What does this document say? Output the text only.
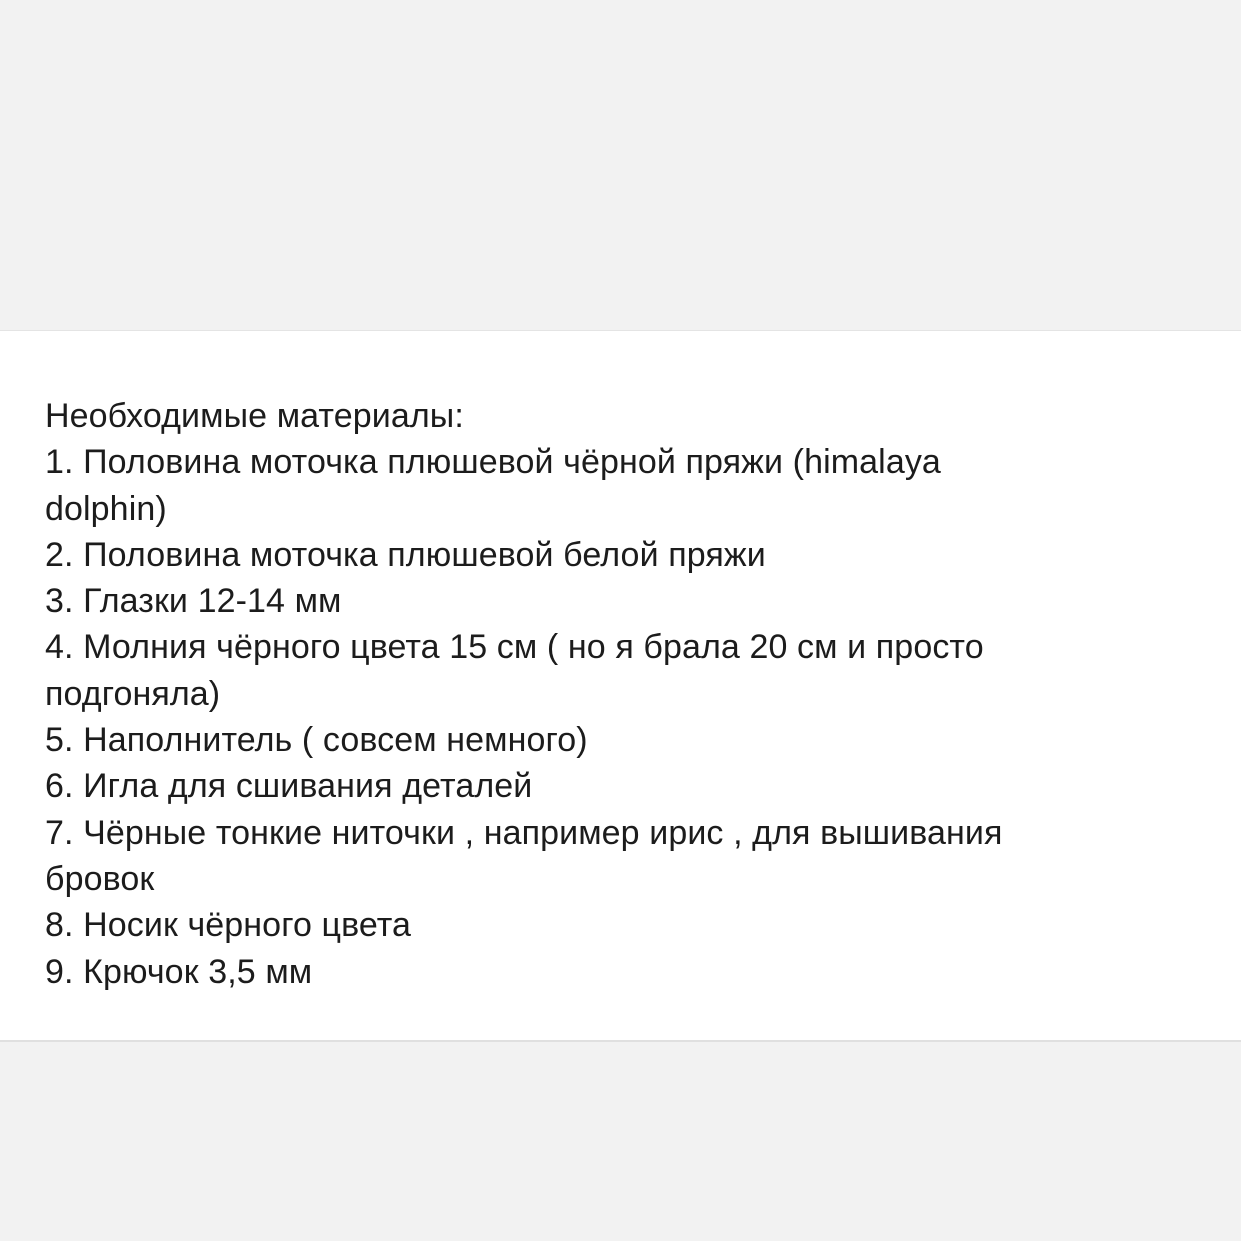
Необходимые материалы:
1. Половина моточка плюшевой чёрной пряжи (himalaya
dolphin)
2. Половина моточка плюшевой белой пряжи
3. Глазки 12-14 мм
4. Молния чёрного цвета 15 см ( но я брала 20 см и просто
подгоняла)
5. Наполнитель ( совсем немного)
6. Игла для сшивания деталей
7. Чёрные тонкие ниточки , например ирис , для вышивания
бровок
8. Носик чёрного цвета
9. Крючок 3,5 мм
